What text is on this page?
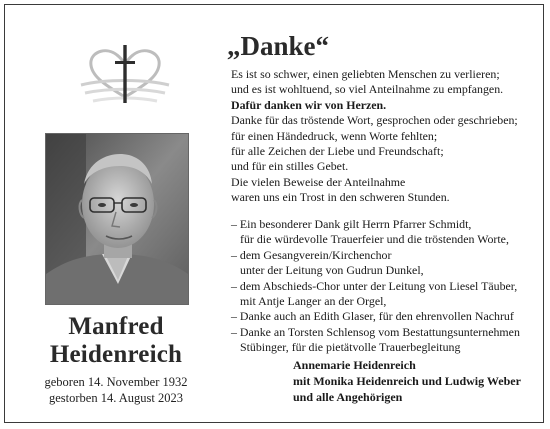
Manfred
Heidenreich
geboren 14. November 1932
gestorben 14. August 2023
„Danke“
Es ist so schwer, einen geliebten Menschen zu verlieren;
und es ist wohltuend, so viel Anteilnahme zu empfangen.
Dafür danken wir von Herzen.
Danke für das tröstende Wort, gesprochen oder geschrieben;
für einen Händedruck, wenn Worte fehlten;
für alle Zeichen der Liebe und Freundschaft;
und für ein stilles Gebet.
Die vielen Beweise der Anteilnahme
waren uns ein Trost in den schweren Stunden.
– Ein besonderer Dank gilt Herrn Pfarrer Schmidt,
für die würdevolle Trauerfeier und die tröstenden Worte,
– dem Gesangverein/Kirchenchor
unter der Leitung von Gudrun Dunkel,
– dem Abschieds-Chor unter der Leitung von Liesel Täuber,
mit Antje Langer an der Orgel,
– Danke auch an Edith Glaser, für den ehrenvollen Nachruf
– Danke an Torsten Schlensog vom Bestattungsunternehmen
Stübinger, für die pietätvolle Trauerbegleitung
Annemarie Heidenreich
mit Monika Heidenreich und Ludwig Weber
und alle Angehörigen
